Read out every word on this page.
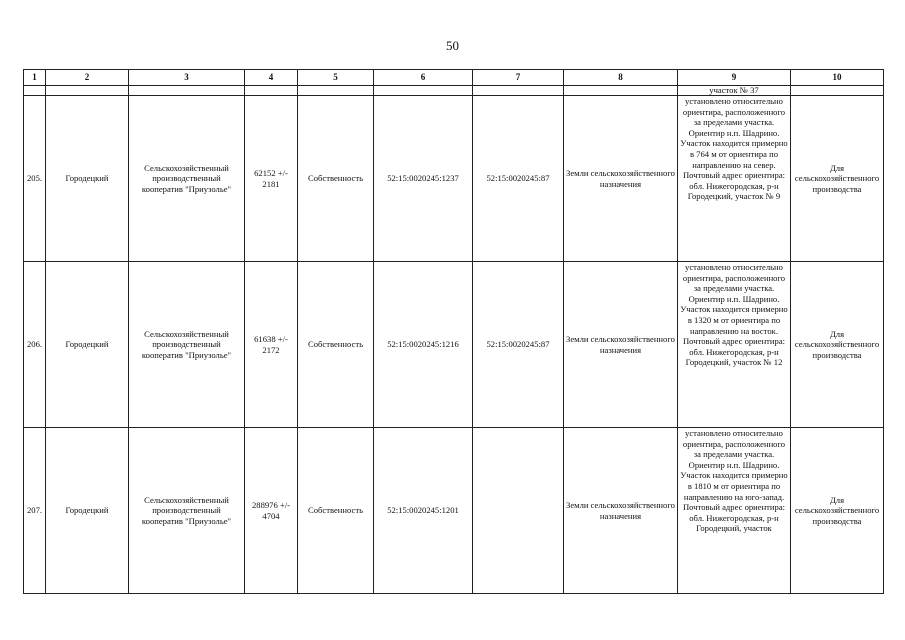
50
1	2	3	4	5	6	7	8	9	10
								участок № 37	
205.	Городецкий	Сельскохозяйственный производственный кооператив "Приузолье"	62152 +/- 2181	Собственность	52:15:0020245:1237	52:15:0020245:87	Земли сельскохозяйственного назначения	установлено относительно ориентира, расположенного за пределами участка. Ориентир н.п. Шадрино. Участок находится примерно в 764 м от ориентира по направлению на север. Почтовый адрес ориентира: обл. Нижегородская, р-н Городецкий, участок № 9	Для сельскохозяйственного производства
206.	Городецкий	Сельскохозяйственный производственный кооператив "Приузолье"	61638 +/- 2172	Собственность	52:15:0020245:1216	52:15:0020245:87	Земли сельскохозяйственного назначения	установлено относительно ориентира, расположенного за пределами участка. Ориентир н.п. Шадрино. Участок находится примерно в 1320 м от ориентира по направлению на восток. Почтовый адрес ориентира: обл. Нижегородская, р-н Городецкий, участок № 12	Для сельскохозяйственного производства
207.	Городецкий	Сельскохозяйственный производственный кооператив "Приузолье"	288976 +/- 4704	Собственность	52:15:0020245:1201		Земли сельскохозяйственного назначения	установлено относительно ориентира, расположенного за пределами участка. Ориентир н.п. Шадрино. Участок находится примерно в 1810 м от ориентира по направлению на юго-запад. Почтовый адрес ориентира: обл. Нижегородская, р-н Городецкий, участок	Для сельскохозяйственного производства
